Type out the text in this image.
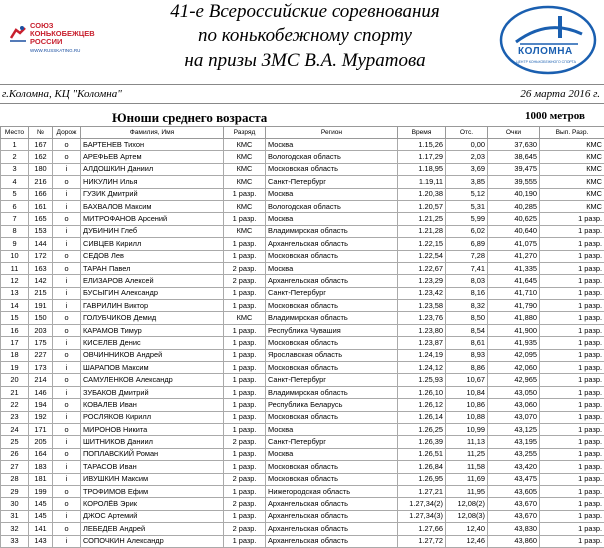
СОЮЗ
КОНЬКОБЕЖЦЕВ
РОССИИ
WWW.RUSSKATING.RU
41-е Всероссийские соревнования
по конькобежному спорту
на призы ЗМС В.А. Муратова	КОЛОМНА
ЦЕНТР КОНЬКОБЕЖНОГО СПОРТА
г.Коломна, КЦ "Коломна"	26 марта 2016 г.
Юноши среднего возраста	1000 метров
Место	№	Дорож	Фамилия, Имя	Разряд	Регион	Время	Отс.	Очки	Вып. Разр.
1	167	o	БАРТЕНЕВ Тихон	КМС	Москва	1.15,26	0,00	37,630	КМС
2	162	o	АРЕФЬЕВ Артем	КМС	Вологодская область	1.17,29	2,03	38,645	КМС
3	180	i	АЛДОШКИН Даниил	КМС	Московская область	1.18,95	3,69	39,475	КМС
4	216	o	НИКУЛИН Илья	КМС	Санкт-Петербург	1.19,11	3,85	39,555	КМС
5	166	i	ГУЗИК Дмитрий	1 разр.	Москва	1.20,38	5,12	40,190	КМС
6	161	i	БАХВАЛОВ Максим	КМС	Вологодская область	1.20,57	5,31	40,285	КМС
7	165	o	МИТРОФАНОВ Арсений	1 разр.	Москва	1.21,25	5,99	40,625	1 разр.
8	153	i	ДУБИНИН Глеб	КМС	Владимирская область	1.21,28	6,02	40,640	1 разр.
9	144	i	СИВЦЕВ Кирилл	1 разр.	Архангельская область	1.22,15	6,89	41,075	1 разр.
10	172	o	СЕДОВ Лев	1 разр.	Московская область	1.22,54	7,28	41,270	1 разр.
11	163	o	ТАРАН Павел	2 разр.	Москва	1.22,67	7,41	41,335	1 разр.
12	142	i	ЕЛИЗАРОВ Алексей	2 разр.	Архангельская область	1.23,29	8,03	41,645	1 разр.
13	215	i	БУСЫГИН Александр	1 разр.	Санкт-Петербург	1.23,42	8,16	41,710	1 разр.
14	191	i	ГАВРИЛИН Виктор	1 разр.	Московская область	1.23,58	8,32	41,790	1 разр.
15	150	o	ГОЛУБЧИКОВ Демид	КМС	Владимирская область	1.23,76	8,50	41,880	1 разр.
16	203	o	КАРАМОВ Тимур	1 разр.	Республика Чувашия	1.23,80	8,54	41,900	1 разр.
17	175	i	КИСЕЛЕВ Денис	1 разр.	Московская область	1.23,87	8,61	41,935	1 разр.
18	227	o	ОВЧИННИКОВ Андрей	1 разр.	Ярославская область	1.24,19	8,93	42,095	1 разр.
19	173	i	ШАРАПОВ Максим	1 разр.	Московская область	1.24,12	8,86	42,060	1 разр.
20	214	o	САМУЛЕНКОВ Александр	1 разр.	Санкт-Петербург	1.25,93	10,67	42,965	1 разр.
21	146	i	ЗУБАКОВ Дмитрий	1 разр.	Владимирская область	1.26,10	10,84	43,050	1 разр.
22	194	o	КОВАЛЕВ Иван	1 разр.	Республика Беларусь	1.26,12	10,86	43,060	1 разр.
23	192	i	РОСЛЯКОВ Кирилл	1 разр.	Московская область	1.26,14	10,88	43,070	1 разр.
24	171	o	МИРОНОВ Никита	1 разр.	Москва	1.26,25	10,99	43,125	1 разр.
25	205	i	ШИТНИКОВ Даниил	2 разр.	Санкт-Петербург	1.26,39	11,13	43,195	1 разр.
26	164	o	ПОПЛАВСКИЙ Роман	1 разр.	Москва	1.26,51	11,25	43,255	1 разр.
27	183	i	ТАРАСОВ Иван	1 разр.	Московская область	1.26,84	11,58	43,420	1 разр.
28	181	i	ИВУШКИН Максим	2 разр.	Московская область	1.26,95	11,69	43,475	1 разр.
29	199	o	ТРОФИМОВ Ефим	1 разр.	Нижегородская область	1.27,21	11,95	43,605	1 разр.
30	145	o	КОРОЛЁВ Эрик	2 разр.	Архангельская область	1.27,34(2)	12,08(2)	43,670	1 разр.
31	145	i	ДЖОС Артемий	1 разр.	Архангельская область	1.27,34(3)	12,08(3)	43,670	1 разр.
32	141	o	ЛЕБЕДЕВ Андрей	2 разр.	Архангельская область	1.27,66	12,40	43,830	1 разр.
33	143	i	СОПОЧКИН Александр	1 разр.	Архангельская область	1.27,72	12,46	43,860	1 разр.
